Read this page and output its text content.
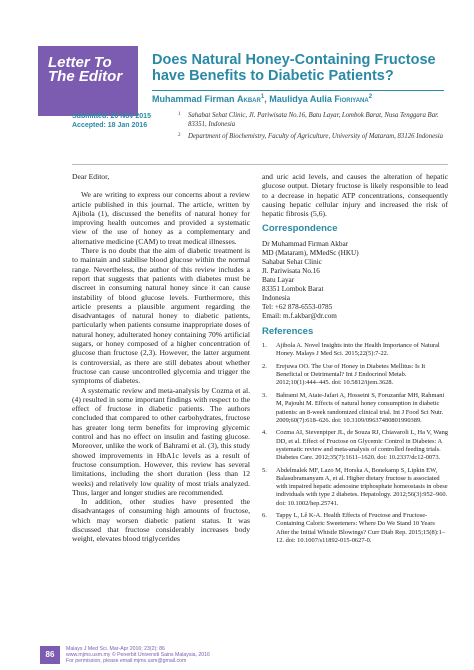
Letter To
The Editor
Does Natural Honey-Containing Fructose have Benefits to Diabetic Patients?
Muhammad Firman Akbar$^1$, Maulidya Aulia Fioriyana$^2$
Submitted: 20 Nov 2015
Accepted: 18 Jan 2016
1 Sahabat Sehat Clinic, Jl. Pariwisata No.16, Batu Layar, Lombok Barat, Nusa Tenggara Bar. 83351, Indonesia
2 Department of Biochemistry, Faculty of Agriculture, University of Mataram, 83126 Indonesia

Dear Editor,

We are writing to express our concerns about a review article published in this journal. The article, written by Ajibola (1), discussed the benefits of natural honey for improving health outcomes and provided a systematic view of the use of honey as a complementary and alternative medicine (CAM) to treat medical illnesses.

There is no doubt that the aim of diabetic treatment is to maintain and stabilise blood glucose within the normal range. Nevertheless, the author of this review includes a report that suggests that patients with diabetes must be discreet in consuming natural honey since it can cause instability of blood glucose levels. Furthermore, this article presents a plausible argument regarding the disadvantages of natural honey to diabetic patients, particularly when patients consume inappropriate doses of natural honey, adulterated honey containing 70% artificial sugars, or honey composed of a higher concentration of glucose than fructose (2,3). However, the latter argument is controversial, as there are still debates about whether fructose can cause uncontrolled glycemia and trigger the symptoms of diabetes.

A systematic review and meta-analysis by Cozma et al. (4) resulted in some important findings with respect to the effect of fructose in diabetic patients. The authors concluded that compared to other carbohydrates, fructose has greater long term benefits for improving glycemic control and has no effect on insulin and fasting glucose. Moreover, unlike the work of Bahrami et al. (3), this study showed improvements in HbA1c levels as a result of fructose consumption. However, this review has several limitations, including the short duration (less than 12 weeks) and relatively low quality of most trials analyzed. Thus, larger and longer studies are recommended.

In addition, other studies have presented the disadvantages of consuming high amounts of fructose, which may worsen diabetic patient status. It was discussed that fructose considerably increases body weight, elevates blood triglycerides

and uric acid levels, and causes the alteration of hepatic glucose output. Dietary fructose is likely responsible to lead to a decrease in hepatic ATP concentrations, consequently causing hepatic cellular injury and increased the risk of hepatic fibrosis (5,6).

Correspondence
Dr Muhammad Firman Akbar
MD (Mataram), MMedSc (HKU)
Sahabat Sehat Clinic
Jl. Pariwisata No.16
Batu Layar
83351 Lombok Barat
Indonesia
Tel: +62 878-6553-0785
Email: m.f.akbar@dr.com
References
1. Ajibola A. Novel Insights into the Health Importance of Natural Honey. Malays J Med Sci. 2015;22(5):7-22.
2. Erejuwa OO. The Use of Honey in Diabetes Mellitus: Is It Beneficial or Detrimental? Int J Endocrinol Metab. 2012;10(1):444–445. doi: 10.5812/ijem.3628.
3. Bahrami M, Ataie-Jafari A, Hosseini S, Foruzanfar MH, Rahmani M, Pajouhi M. Effects of natural honey consumption in diabetic patients: an 8-week randomized clinical trial. Int J Food Sci Nutr. 2009;60(7):618–626. doi: 10.3109/09637480801990389.
4. Cozma AI, Sievenpiper JL, de Souza RJ, Chiavaroli L, Ha V, Wang DD, et al. Effect of Fructose on Glycemic Control in Diabetes: A systematic review and meta-analysis of controlled feeding trials. Diabetes Care. 2012;35(7):1611–1620. doi: 10.2337/dc12-0073.
5. Abdelmalek MF, Lazo M, Horska A, Bonekamp S, Lipkin EW, Balasubramanyam A, et al. Higher dietary fructose is associated with impaired hepatic adenosine triphosphate homeostasis in obese individuals with type 2 diabetes. Hepatology. 2012;56(3):952–960. doi: 10.1002/hep.25741.
6. Tappy L, Lê K-A. Health Effects of Fructose and Fructose-Containing Caloric Sweeteners: Where Do We Stand 10 Years After the Initial Whistle Blowings? Curr Diab Rep. 2015;15(8):1–12. doi: 10.1007/s11892-015-0627-0.
86
Malays J Med Sci. Mar-Apr 2016; 23(2): 86
www.mjms.usm.my © Penerbit Universiti Sains Malaysia, 2016
For permission, please email:mjms.usm@gmail.com
